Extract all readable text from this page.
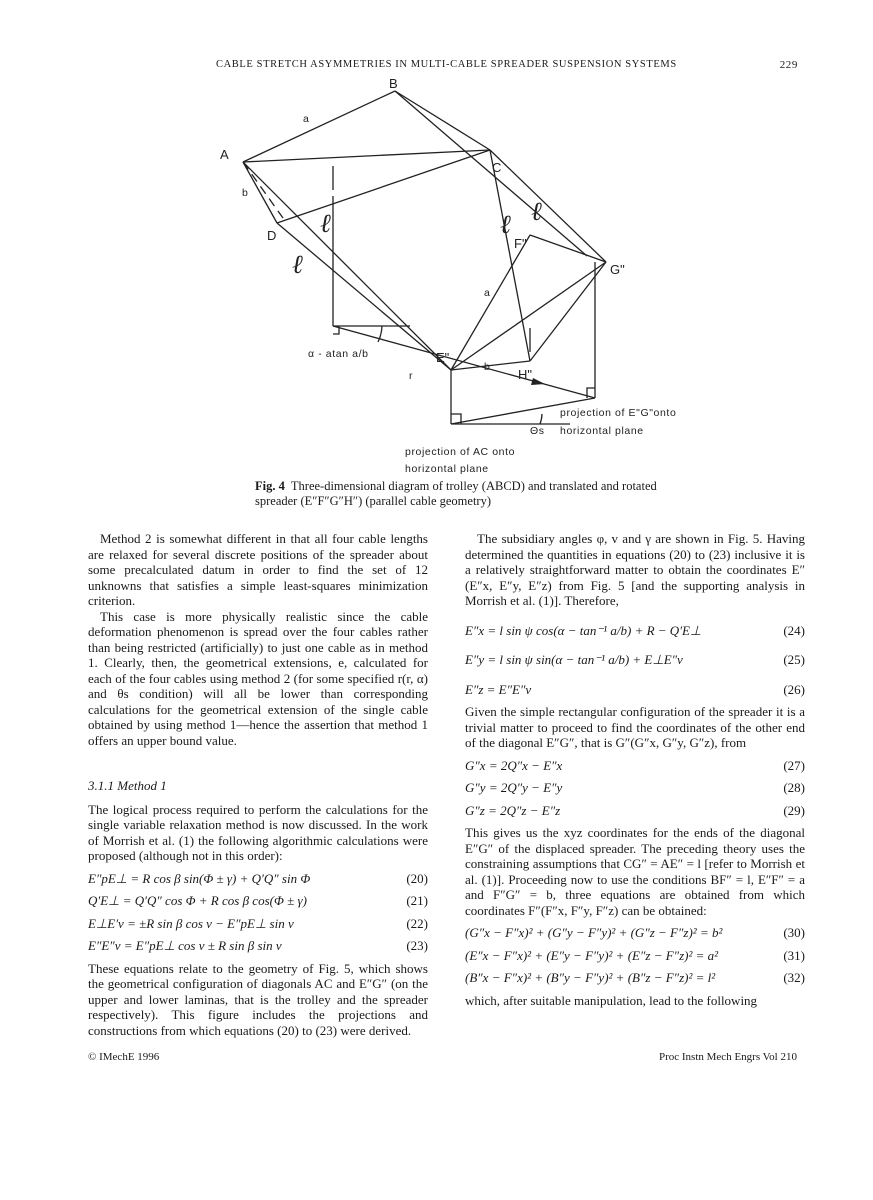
CABLE STRETCH ASYMMETRIES IN MULTI-CABLE SPREADER SUSPENSION SYSTEMS	229
B
A
C
D
a
b
ℓ
ℓ
ℓ ℓ
F"
G"
E"
H"
a
b
r
α - atan a/b
Θs
projection of E"G"onto
horizontal plane
projection of AC onto
horizontal plane
Fig. 4 Three-dimensional diagram of trolley (ABCD) and translated and rotated spreader (E″F″G″H″) (parallel cable geometry)

Method 2 is somewhat different in that all four cable lengths are relaxed for several discrete positions of the spreader about some precalculated datum in order to find the set of 12 unknowns that satisfies a simple least-squares minimization criterion.

This case is more physically realistic since the cable deformation phenomenon is spread over the four cables rather than being restricted (artificially) to just one cable as in method 1. Clearly, then, the geometrical extensions, e, calculated for each of the four cables using method 2 (for some specified r(r, α) and θs condition) will all be lower than corresponding calculations for the geometrical extension of the single cable obtained by using method 1—hence the assertion that method 1 offers an upper bound value.

3.1.1 Method 1

The logical process required to perform the calculations for the single variable relaxation method is now discussed. In the work of Morrish et al. (1) the following algorithmic calculations were proposed (although not in this order):

E″pE⊥ = R cos β sin(Φ ± γ) + Q′Q″ sin Φ	(20)
Q′E⊥ = Q′Q″ cos Φ + R cos β cos(Φ ± γ)	(21)
E⊥E′v = ±R sin β cos v − E″pE⊥ sin v	(22)
E″E″v = E″pE⊥ cos v ± R sin β sin v	(23)

These equations relate to the geometry of Fig. 5, which shows the geometrical configuration of diagonals AC and E″G″ (on the upper and lower laminas, that is the trolley and the spreader respectively). This figure includes the projections and constructions from which equations (20) to (23) were derived.

The subsidiary angles φ, v and γ are shown in Fig. 5. Having determined the quantities in equations (20) to (23) inclusive it is a relatively straightforward matter to obtain the coordinates E″(E″x, E″y, E″z) from Fig. 5 [and the supporting analysis in Morrish et al. (1)]. Therefore,

E″x = l sin ψ cos(α − tan⁻¹ a/b) + R − Q′E⊥	(24)
E″y = l sin ψ sin(α − tan⁻¹ a/b) + E⊥E″v	(25)
E″z = E″E″v	(26)

Given the simple rectangular configuration of the spreader it is a trivial matter to proceed to find the coordinates of the other end of the diagonal E″G″, that is G″(G″x, G″y, G″z), from

G″x = 2Q″x − E″x	(27)
G″y = 2Q″y − E″y	(28)
G″z = 2Q″z − E″z	(29)

This gives us the xyz coordinates for the ends of the diagonal E″G″ of the displaced spreader. The preceding theory uses the constraining assumptions that CG″ = AE″ = l [refer to Morrish et al. (1)]. Proceeding now to use the conditions BF″ = l, E″F″ = a and F″G″ = b, three equations are obtained from which coordinates F″(F″x, F″y, F″z) can be obtained:

(G″x − F″x)² + (G″y − F″y)² + (G″z − F″z)² = b²	(30)
(E″x − F″x)² + (E″y − F″y)² + (E″z − F″z)² = a²	(31)
(B″x − F″x)² + (B″y − F″y)² + (B″z − F″z)² = l²	(32)

which, after suitable manipulation, lead to the following

© IMechE 1996	Proc Instn Mech Engrs Vol 210
